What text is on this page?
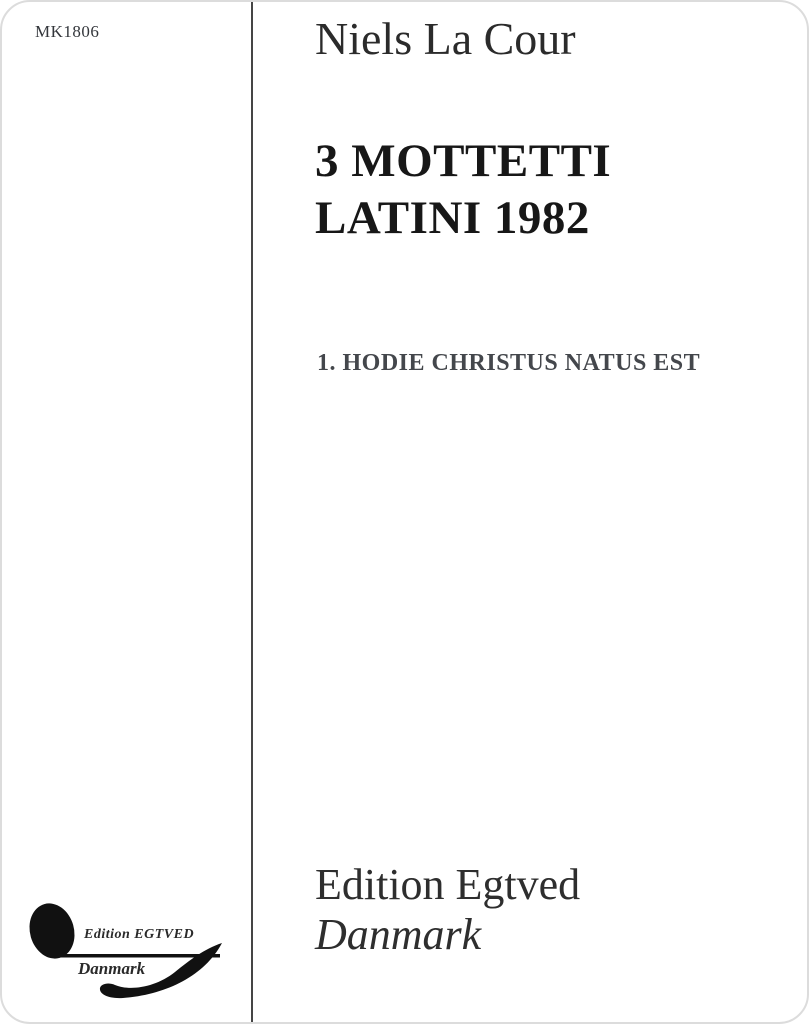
MK1806	Niels La Cour
3 MOTTETTI
LATINI 1982
1. HODIE CHRISTUS NATUS EST
Edition Egtved
Danmark
Edition EGTVED
Danmark
